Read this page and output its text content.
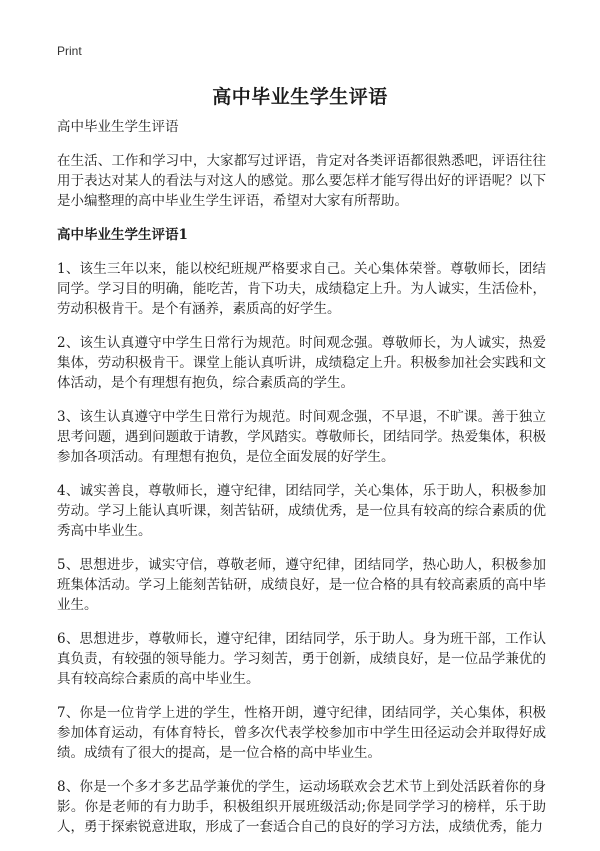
Print
高中毕业生学生评语

高中毕业生学生评语

在生活、工作和学习中，大家都写过评语，肯定对各类评语都很熟悉吧，评语往往用于表达对某人的看法与对这人的感觉。那么要怎样才能写得出好的评语呢？以下是小编整理的高中毕业生学生评语，希望对大家有所帮助。

高中毕业生学生评语1

1、该生三年以来，能以校纪班规严格要求自己。关心集体荣誉。尊敬师长，团结同学。学习目的明确，能吃苦，肯下功夫，成绩稳定上升。为人诚实，生活俭朴，劳动积极肯干。是个有涵养，素质高的好学生。

2、该生认真遵守中学生日常行为规范。时间观念强。尊敬师长，为人诚实，热爱集体，劳动积极肯干。课堂上能认真听讲，成绩稳定上升。积极参加社会实践和文体活动，是个有理想有抱负，综合素质高的学生。

3、该生认真遵守中学生日常行为规范。时间观念强，不早退，不旷课。善于独立思考问题，遇到问题敢于请教，学风踏实。尊敬师长，团结同学。热爱集体，积极参加各项活动。有理想有抱负，是位全面发展的好学生。

4、诚实善良，尊敬师长，遵守纪律，团结同学，关心集体，乐于助人，积极参加劳动。学习上能认真听课，刻苦钻研，成绩优秀，是一位具有较高的综合素质的优秀高中毕业生。

5、思想进步，诚实守信，尊敬老师，遵守纪律，团结同学，热心助人，积极参加班集体活动。学习上能刻苦钻研，成绩良好，是一位合格的具有较高素质的高中毕业生。

6、思想进步，尊敬师长，遵守纪律，团结同学，乐于助人。身为班干部，工作认真负责，有较强的领导能力。学习刻苦，勇于创新，成绩良好，是一位品学兼优的具有较高综合素质的高中毕业生。

7、你是一位肯学上进的学生，性格开朗，遵守纪律，团结同学，关心集体，积极参加体育运动，有体育特长，曾多次代表学校参加市中学生田径运动会并取得好成绩。成绩有了很大的提高，是一位合格的高中毕业生。

8、你是一个多才多艺品学兼优的学生，运动场联欢会艺术节上到处活跃着你的身影。你是老师的有力助手，积极组织开展班级活动;你是同学学习的榜样，乐于助人，勇于探索锐意进取，形成了一套适合自己的良好的学习方法，成绩优秀，能力
